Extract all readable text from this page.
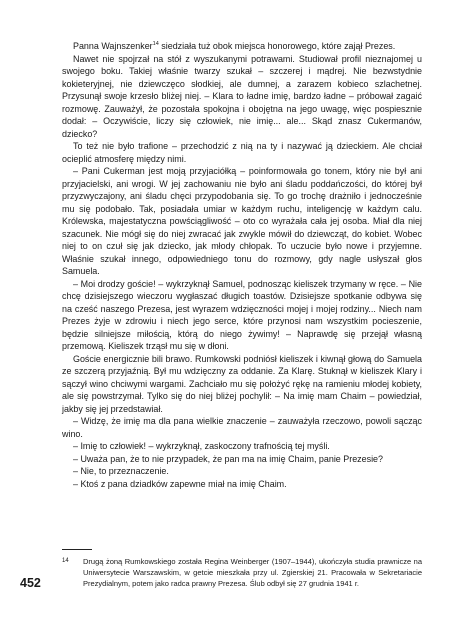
Panna Wajnszenker$^{14}$ siedziała tuż obok miejsca honorowego, które zajął Prezes.

Nawet nie spojrzał na stół z wyszukanymi potrawami. Studiował profil nieznajomej u swojego boku. Takiej właśnie twarzy szukał – szczerej i mądrej. Nie bezwstydnie kokieteryjnej, nie dziewczęco słodkiej, ale dumnej, a zarazem kobieco szlachetnej. Przysunął swoje krzesło bliżej niej. – Klara to ładne imię, bardzo ładne – próbował zagaić rozmowę. Zauważył, że pozostała spokojna i obojętna na jego uwagę, więc pospiesznie dodał: – Oczywiście, liczy się człowiek, nie imię... ale... Skąd znasz Cukermanów, dziecko?

To też nie było trafione – przechodzić z nią na ty i nazywać ją dzieckiem. Ale chciał ocieplić atmosferę między nimi.

– Pani Cukerman jest moją przyjaciółką – poinformowała go tonem, który nie był ani przyjacielski, ani wrogi. W jej zachowaniu nie było ani śladu poddańczości, do której był przyzwyczajony, ani śladu chęci przypodobania się. To go trochę drażniło i jednocześnie mu się podobało. Tak, posiadała umiar w każdym ruchu, inteligencję w każdym calu. Królewska, majestatyczna powściągliwość – oto co wyrażała cała jej osoba. Miał dla niej szacunek. Nie mógł się do niej zwracać jak zwykle mówił do dziewcząt, do kobiet. Wobec niej to on czuł się jak dziecko, jak młody chłopak. To uczucie było nowe i przyjemne. Właśnie szukał innego, odpowiedniego tonu do rozmowy, gdy nagle usłyszał głos Samuela.

– Moi drodzy goście! – wykrzyknął Samuel, podnosząc kieliszek trzymany w ręce. – Nie chcę dzisiejszego wieczoru wygłaszać długich toastów. Dzisiejsze spotkanie odbywa się na cześć naszego Prezesa, jest wyrazem wdzięczności mojej i mojej rodziny... Niech nam Prezes żyje w zdrowiu i niech jego serce, które przynosi nam wszystkim pocieszenie, będzie silniejsze miłością, którą do niego żywimy! – Naprawdę się przejął własną przemową. Kieliszek trząsł mu się w dłoni.

Goście energicznie bili brawo. Rumkowski podniósł kieliszek i kiwnął głową do Samuela ze szczerą przyjaźnią. Był mu wdzięczny za oddanie. Za Klarę. Stuknął w kieliszek Klary i sączył wino chciwymi wargami. Zachciało mu się położyć rękę na ramieniu młodej kobiety, ale się powstrzymał. Tylko się do niej bliżej pochylił: – Na imię mam Chaim – powiedział, jakby się jej przedstawiał.

– Widzę, że imię ma dla pana wielkie znaczenie – zauważyła rzeczowo, powoli sącząc wino.

– Imię to człowiek! – wykrzyknął, zaskoczony trafnością tej myśli.

– Uważa pan, że to nie przypadek, że pan ma na imię Chaim, panie Prezesie?

– Nie, to przeznaczenie.

– Ktoś z pana dziadków zapewne miał na imię Chaim.

14 Drugą żoną Rumkowskiego została Regina Weinberger (1907–1944), ukończyła studia prawnicze na Uniwersytecie Warszawskim, w getcie mieszkała przy ul. Zgierskiej 21. Pracowała w Sekretariacie Prezydialnym, potem jako radca prawny Prezesa. Ślub odbył się 27 grudnia 1941 r.
452
